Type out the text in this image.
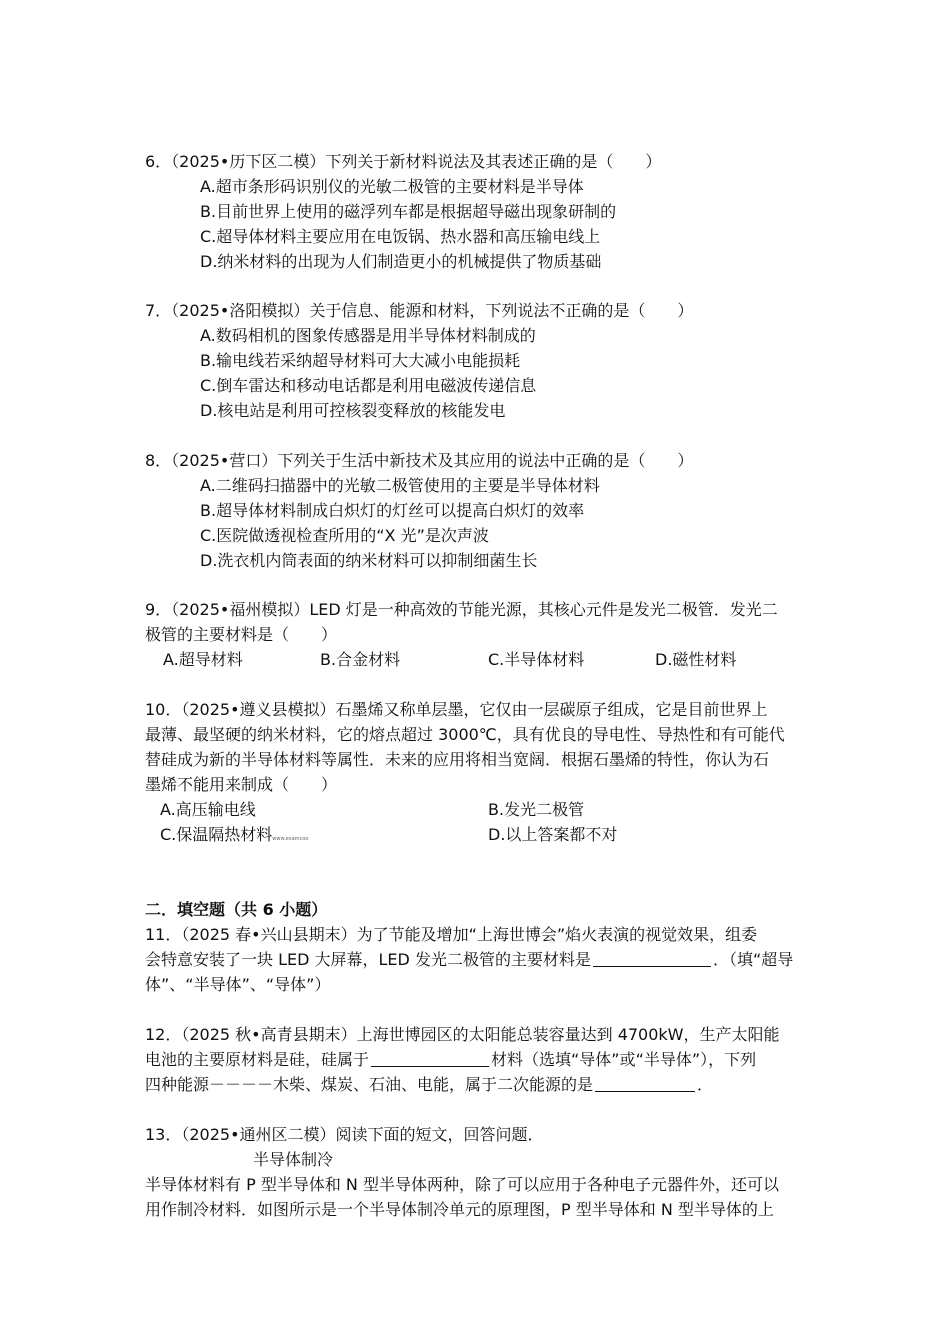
6．（2025•历下区二模）下列关于新材料说法及其表述正确的是（　　）
A.超市条形码识别仪的光敏二极管的主要材料是半导体
B.目前世界上使用的磁浮列车都是根据超导磁出现象研制的
C.超导体材料主要应用在电饭锅、热水器和高压输电线上
D.纳米材料的出现为人们制造更小的机械提供了物质基础
7．（2025•洛阳模拟）关于信息、能源和材料，下列说法不正确的是（　　）
A.数码相机的图象传感器是用半导体材料制成的
B.输电线若采纳超导材料可大大减小电能损耗
C.倒车雷达和移动电话都是利用电磁波传递信息
D.核电站是利用可控核裂变释放的核能发电
8．（2025•营口）下列关于生活中新技术及其应用的说法中正确的是（　　）
A.二维码扫描器中的光敏二极管使用的主要是半导体材料
B.超导体材料制成白炽灯的灯丝可以提高白炽灯的效率
C.医院做透视检查所用的“X 光”是次声波
D.洗衣机内筒表面的纳米材料可以抑制细菌生长
9．（2025•福州模拟）LED 灯是一种高效的节能光源，其核心元件是发光二极管．发光二
极管的主要材料是（　　）
A.超导材料	B.合金材料	C.半导体材料	D.磁性材料
10．（2025•遵义县模拟）石墨烯又称单层墨，它仅由一层碳原子组成，它是目前世界上
最薄、最坚硬的纳米材料，它的熔点超过 3000℃，具有优良的导电性、导热性和有可能代
替硅成为新的半导体材料等属性．未来的应用将相当宽阔．根据石墨烯的特性，你认为石
墨烯不能用来制成（　　）
A.高压输电线	B.发光二极管
C.保温隔热材料www.examcoo	D.以上答案都不对
二．填空题（共 6 小题）
11．（2025 春•兴山县期末）为了节能及增加“上海世博会”焰火表演的视觉效果，组委
会特意安装了一块 LED 大屏幕，LED 发光二极管的主要材料是	．（填“超导
体”、“半导体”、“导体”）
12．（2025 秋•高青县期末）上海世博园区的太阳能总装容量达到 4700kW，生产太阳能
电池的主要原材料是硅，硅属于	材料（选填“导体”或“半导体”），下列
四种能源－－－－木柴、煤炭、石油、电能，属于二次能源的是	．
13．（2025•通州区二模）阅读下面的短文，回答问题．
半导体制冷
半导体材料有 P 型半导体和 N 型半导体两种，除了可以应用于各种电子元器件外，还可以
用作制冷材料．如图所示是一个半导体制冷单元的原理图，P 型半导体和 N 型半导体的上
